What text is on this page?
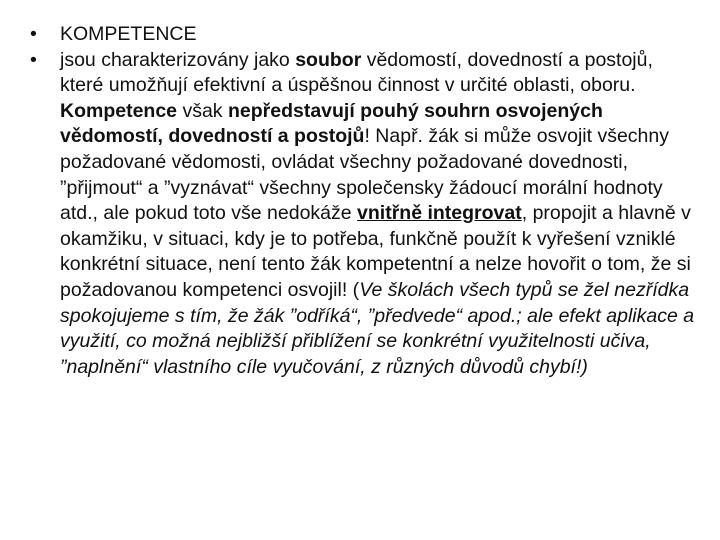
• KOMPETENCE
• jsou charakterizovány jako soubor vědomostí, dovedností a postojů, které umožňují efektivní a úspěšnou činnost v určité oblasti, oboru. Kompetence však nepředstavují pouhý souhrn osvojených vědomostí, dovedností a postojů! Např. žák si může osvojit všechny požadované vědomosti, ovládat všechny požadované dovednosti, ”přijmout“ a ”vyznávat“ všechny společensky žádoucí morální hodnoty atd., ale pokud toto vše nedokáže vnitřně integrovat, propojit a hlavně v okamžiku, v situaci, kdy je to potřeba, funkčně použít k vyřešení vzniklé konkrétní situace, není tento žák kompetentní a nelze hovořit o tom, že si požadovanou kompetenci osvojil! (Ve školách všech typů se žel nezřídka spokojujeme s tím, že žák ”odříká“, ”předvede“ apod.; ale efekt aplikace a využití, co možná nejbližší přiblížení se konkrétní využitelnosti učiva, ”naplnění“ vlastního cíle vyučování, z různých důvodů chybí!)
